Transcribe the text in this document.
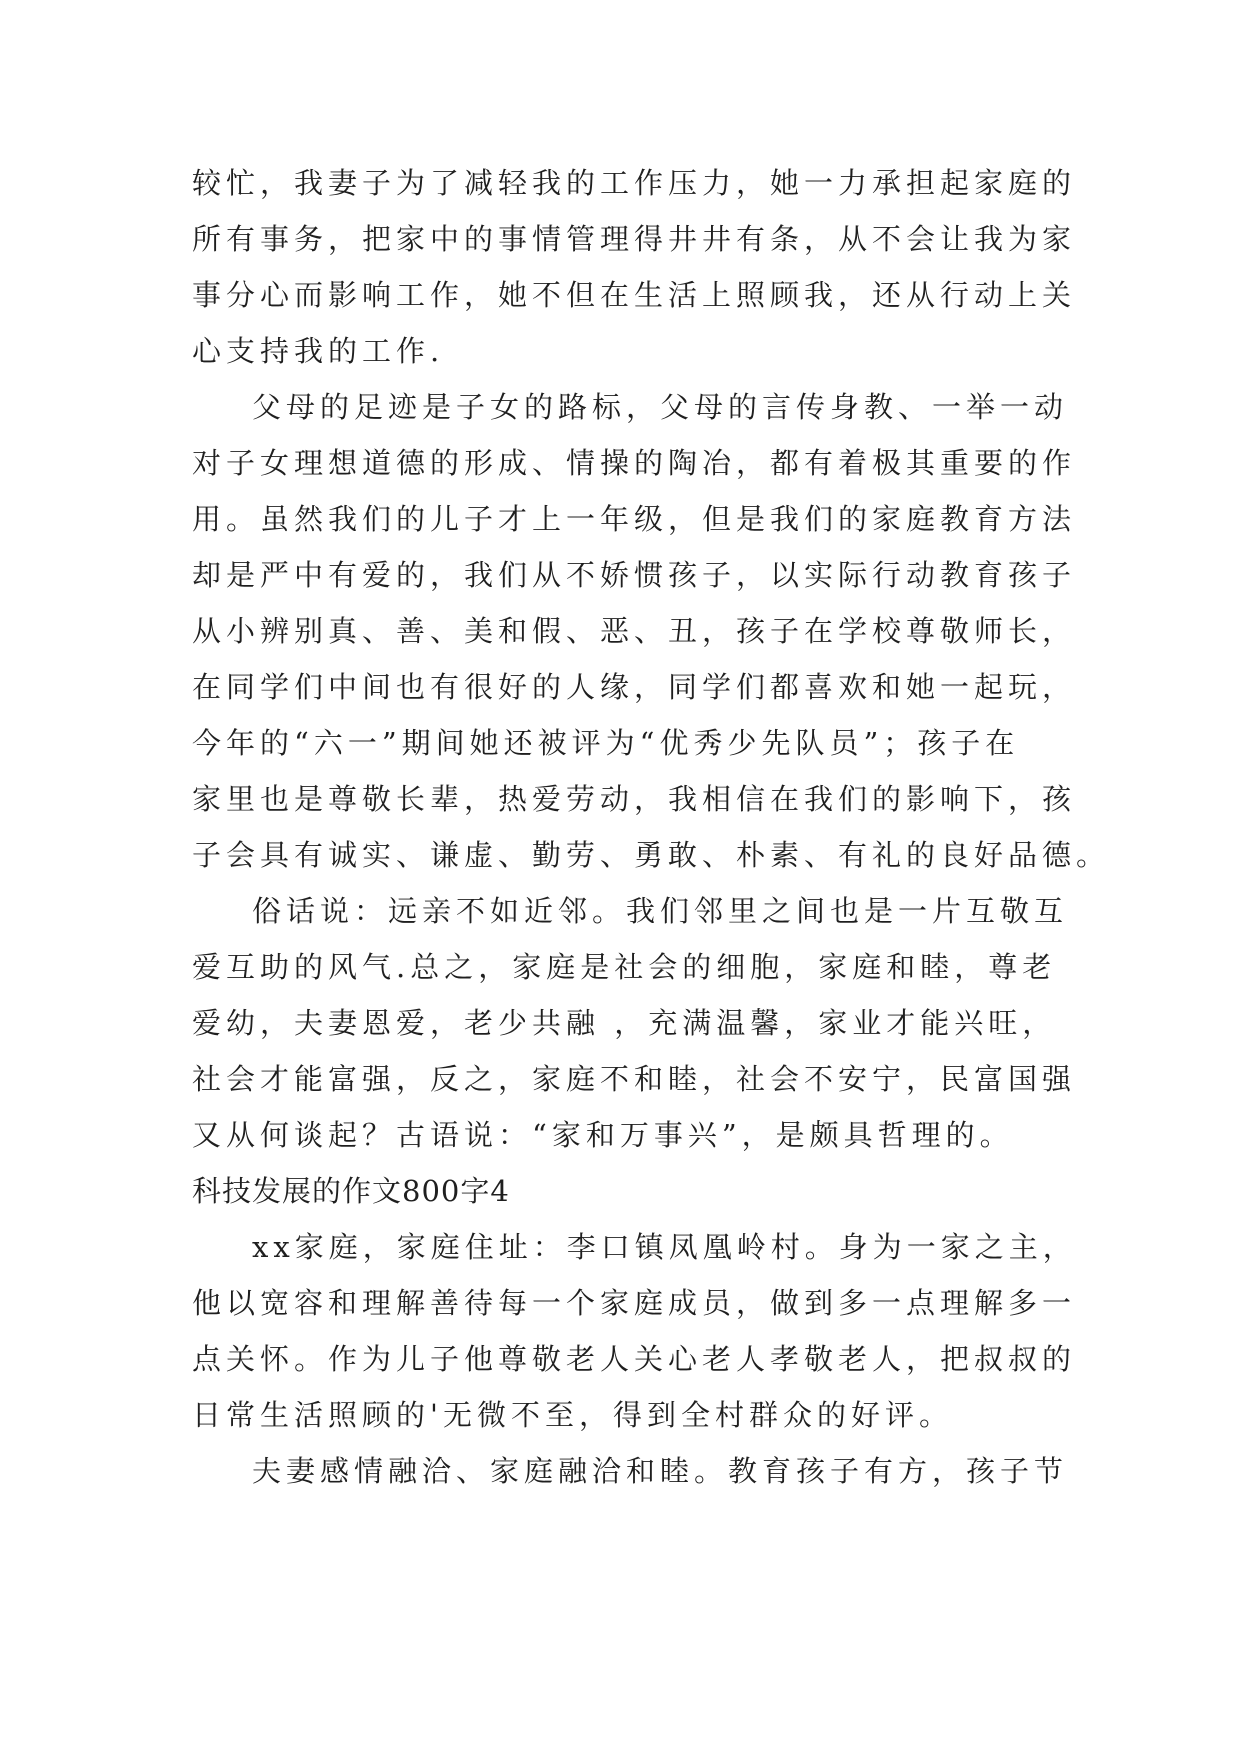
较忙，我妻子为了减轻我的工作压力，她一力承担起家庭的
所有事务，把家中的事情管理得井井有条，从不会让我为家
事分心而影响工作，她不但在生活上照顾我，还从行动上关
心支持我的工作.
父母的足迹是子女的路标，父母的言传身教、一举一动
对子女理想道德的形成、情操的陶冶，都有着极其重要的作
用。虽然我们的儿子才上一年级，但是我们的家庭教育方法
却是严中有爱的，我们从不娇惯孩子，以实际行动教育孩子
从小辨别真、善、美和假、恶、丑，孩子在学校尊敬师长，
在同学们中间也有很好的人缘，同学们都喜欢和她一起玩，
今年的“六一”期间她还被评为“优秀少先队员”；孩子在
家里也是尊敬长辈，热爱劳动，我相信在我们的影响下，孩
子会具有诚实、谦虚、勤劳、勇敢、朴素、有礼的良好品德。
俗话说：远亲不如近邻。我们邻里之间也是一片互敬互
爱互助的风气.总之，家庭是社会的细胞，家庭和睦，尊老
爱幼，夫妻恩爱，老少共融 ，充满温馨，家业才能兴旺，
社会才能富强，反之，家庭不和睦，社会不安宁，民富国强
又从何谈起？古语说：“家和万事兴”，是颇具哲理的。
科技发展的作文800字4
xx家庭，家庭住址：李口镇凤凰岭村。身为一家之主，
他以宽容和理解善待每一个家庭成员，做到多一点理解多一
点关怀。作为儿子他尊敬老人关心老人孝敬老人，把叔叔的
日常生活照顾的'无微不至，得到全村群众的好评。
夫妻感情融洽、家庭融洽和睦。教育孩子有方，孩子节
